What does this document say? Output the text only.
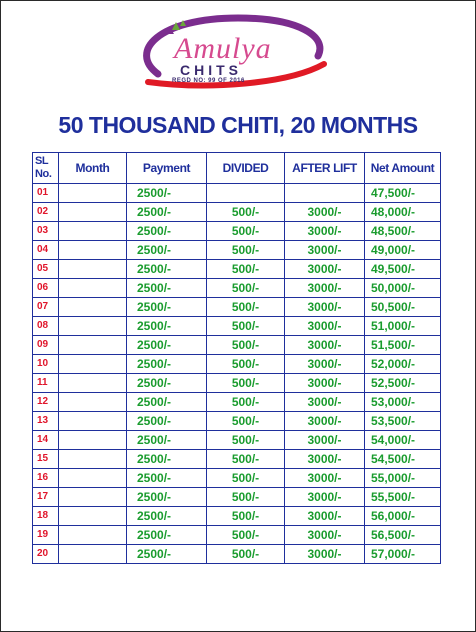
Amulya
CHITS
REGD NO: 99 OF 2016
50 THOUSAND CHITI, 20 MONTHS
SL No.	Month	Payment	DIVIDED	AFTER LIFT	Net Amount
01		2500/-			47,500/-
02		2500/-	500/-	3000/-	48,000/-
03		2500/-	500/-	3000/-	48,500/-
04		2500/-	500/-	3000/-	49,000/-
05		2500/-	500/-	3000/-	49,500/-
06		2500/-	500/-	3000/-	50,000/-
07		2500/-	500/-	3000/-	50,500/-
08		2500/-	500/-	3000/-	51,000/-
09		2500/-	500/-	3000/-	51,500/-
10		2500/-	500/-	3000/-	52,000/-
11		2500/-	500/-	3000/-	52,500/-
12		2500/-	500/-	3000/-	53,000/-
13		2500/-	500/-	3000/-	53,500/-
14		2500/-	500/-	3000/-	54,000/-
15		2500/-	500/-	3000/-	54,500/-
16		2500/-	500/-	3000/-	55,000/-
17		2500/-	500/-	3000/-	55,500/-
18		2500/-	500/-	3000/-	56,000/-
19		2500/-	500/-	3000/-	56,500/-
20		2500/-	500/-	3000/-	57,000/-
